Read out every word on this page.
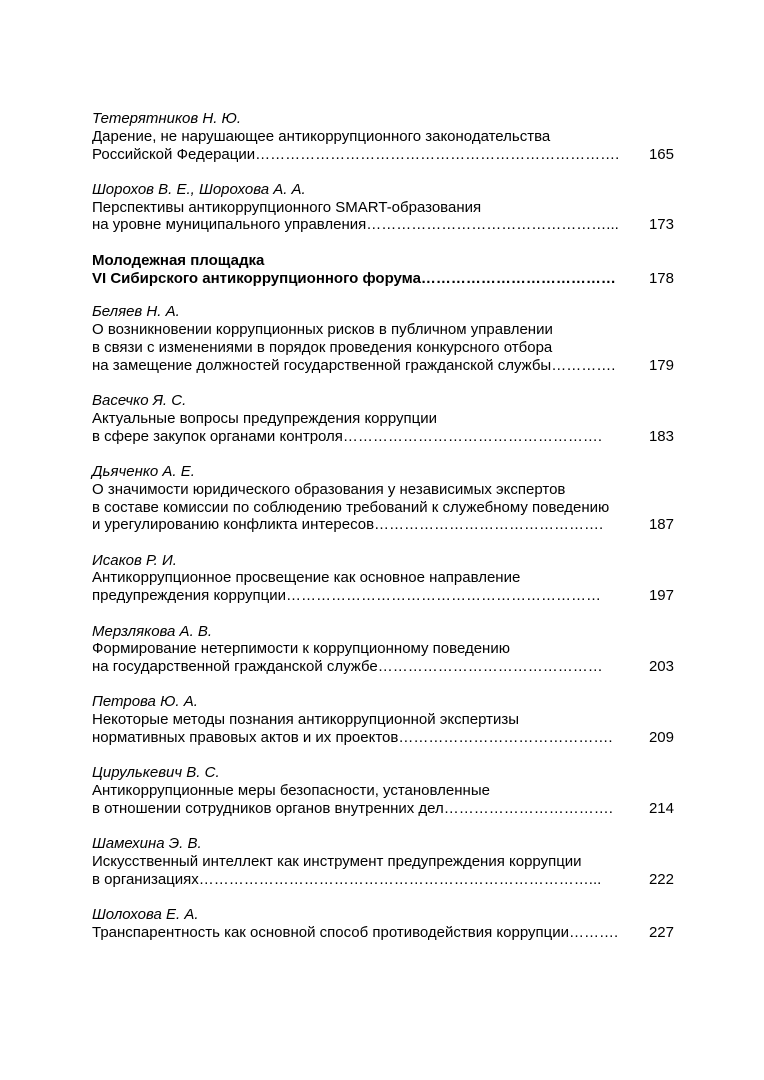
Тетерятников Н. Ю.
Дарение, не нарушающее антикоррупционного законодательства
Российской Федерации……………………………………………………………….	165
Шорохов В. Е., Шорохова А. А.
Перспективы антикоррупционного SMART-образования
на уровне муниципального управления…………………………………………...	173
Молодежная площадка
VI Сибирского антикоррупционного форума…………………………………	178
Беляев Н. А.
О возникновении коррупционных рисков в публичном управлении
в связи с изменениями в порядок проведения конкурсного отбора
на замещение должностей государственной гражданской службы………….	179
Васечко Я. С.
Актуальные вопросы предупреждения коррупции
в сфере закупок органами контроля…………………………………………….	183
Дьяченко А. Е.
О значимости юридического образования у независимых экспертов
в составе комиссии по соблюдению требований к служебному поведению
и урегулированию конфликта интересов……………………………………….	187
Исаков Р. И.
Антикоррупционное просвещение как основное направление
предупреждения коррупции………………………………………………………	197
Мерзлякова А. В.
Формирование нетерпимости к коррупционному поведению
на государственной гражданской службе………………………………………	203
Петрова Ю. А.
Некоторые методы познания антикоррупционной экспертизы
нормативных правовых актов и их проектов…………………………………….	209
Цирулькевич В. С.
Антикоррупционные меры безопасности, установленные
в отношении сотрудников органов внутренних дел…………………………….	214
Шамехина Э. В.
Искусственный интеллект как инструмент предупреждения коррупции
в организациях……………………………………………………………………...	222
Шолохова Е. А.
Транспарентность как основной способ противодействия коррупции……….	227
